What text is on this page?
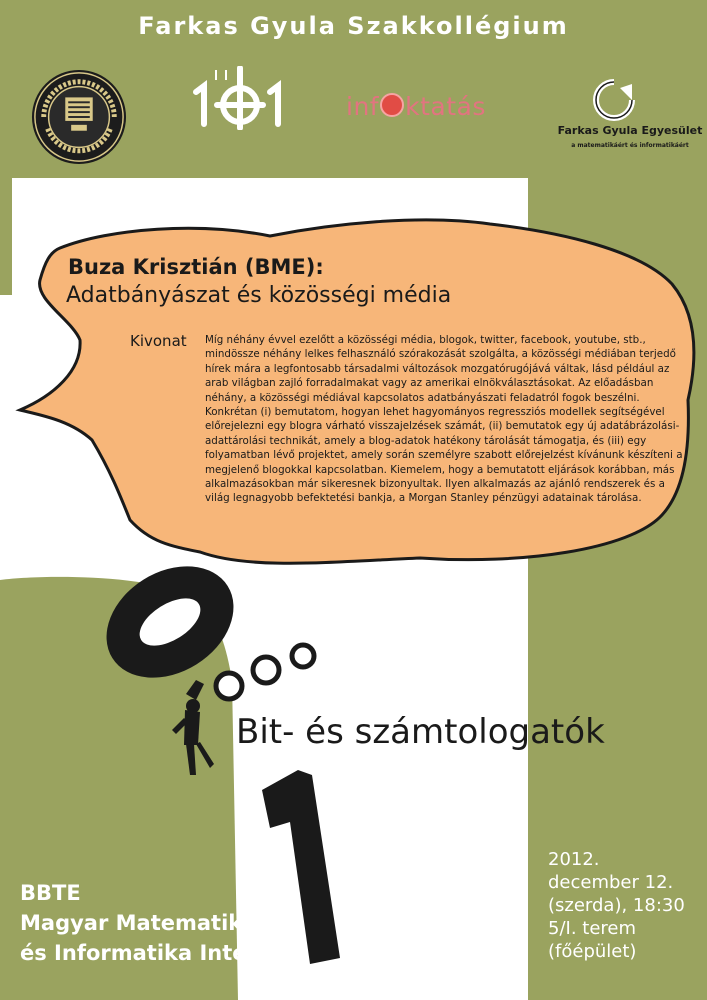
Farkas Gyula Szakkollégium
inf ktatás
Farkas Gyula Egyesület
a matematikáért és informatikáért
Buza Krisztián (BME):
Adatbányászat és közösségi média
Kivonat Míg néhány évvel ezelőtt a közösségi média, blogok, twitter, facebook, youtube, stb., mindössze néhány lelkes felhasználó szórakozását szolgálta, a közösségi médiában terjedő hírek mára a legfontosabb társadalmi változások mozgatórugójává váltak, lásd például az arab világban zajló forradalmakat vagy az amerikai elnökválasztásokat. Az előadásban néhány, a közösségi médiával kapcsolatos adatbányászati feladatról fogok beszélni. Konkrétan (i) bemutatom, hogyan lehet hagyományos regressziós modellek segítségével előrejelezni egy blogra várható visszajelzések számát, (ii) bemutatok egy új adatábrázolási-adattárolási technikát, amely a blog-adatok hatékony tárolását támogatja, és (iii) egy folyamatban lévő projektet, amely során személyre szabott előrejelzést kívánunk készíteni a megjelenő blogokkal kapcsolatban. Kiemelem, hogy a bemutatott eljárások korábban, más alkalmazásokban már sikeresnek bizonyultak. Ilyen alkalmazás az ajánló rendszerek és a világ legnagyobb befektetési bankja, a Morgan Stanley pénzügyi adatainak tárolása.
Bit- és számtologatók
BBTE
Magyar Matematika
és Informatika Intézet
2012.
december 12.
(szerda), 18:30
5/I. terem
(főépület)
